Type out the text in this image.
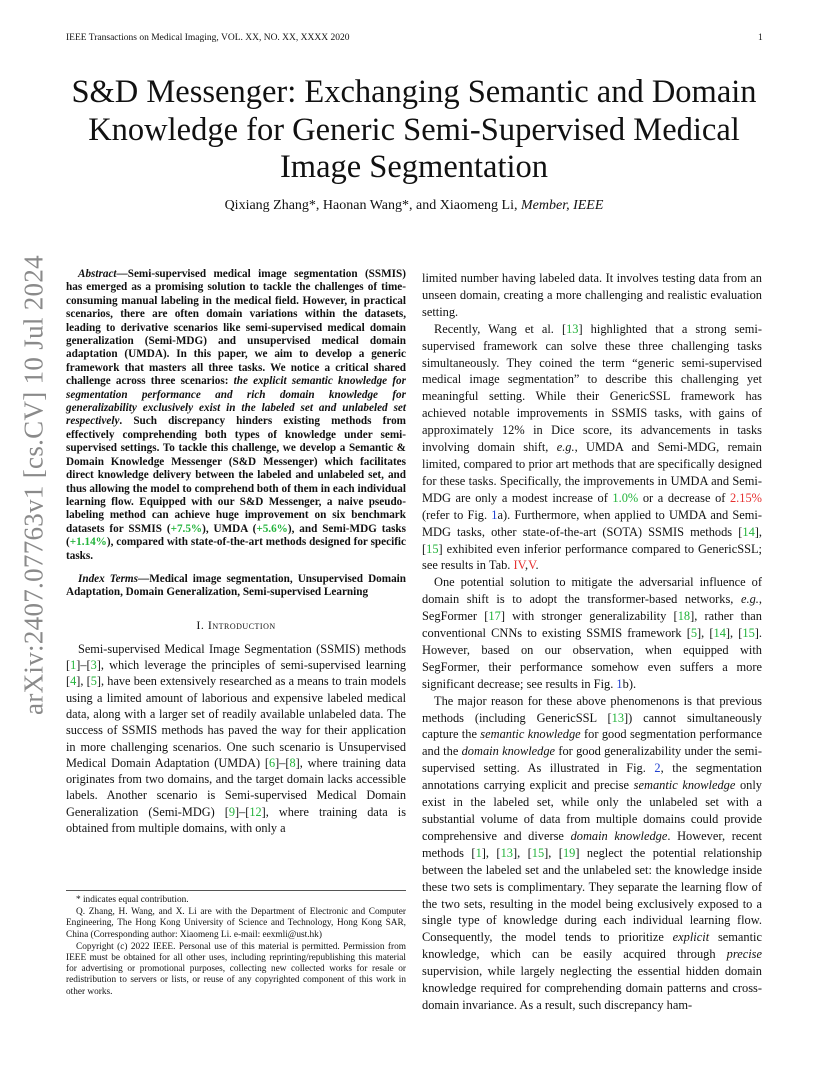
IEEE Transactions on Medical Imaging, VOL. XX, NO. XX, XXXX 2020	1
arXiv:2407.07763v1 [cs.CV] 10 Jul 2024
S&D Messenger: Exchanging Semantic and Domain Knowledge for Generic Semi-Supervised Medical Image Segmentation
Qixiang Zhang*, Haonan Wang*, and Xiaomeng Li, Member, IEEE

Abstract—Semi-supervised medical image segmentation (SSMIS) has emerged as a promising solution to tackle the challenges of time-consuming manual labeling in the medical field. However, in practical scenarios, there are often domain variations within the datasets, leading to derivative scenarios like semi-supervised medical domain generalization (Semi-MDG) and unsupervised medical domain adaptation (UMDA). In this paper, we aim to develop a generic framework that masters all three tasks. We notice a critical shared challenge across three scenarios: the explicit semantic knowledge for segmentation performance and rich domain knowledge for generalizability exclusively exist in the labeled set and unlabeled set respectively. Such discrepancy hinders existing methods from effectively comprehending both types of knowledge under semi-supervised settings. To tackle this challenge, we develop a Semantic & Domain Knowledge Messenger (S&D Messenger) which facilitates direct knowledge delivery between the labeled and unlabeled set, and thus allowing the model to comprehend both of them in each individual learning flow. Equipped with our S&D Messenger, a naive pseudo-labeling method can achieve huge improvement on six benchmark datasets for SSMIS (+7.5%), UMDA (+5.6%), and Semi-MDG tasks (+1.14%), compared with state-of-the-art methods designed for specific tasks.

Index Terms—Medical image segmentation, Unsupervised Domain Adaptation, Domain Generalization, Semi-supervised Learning

I. Introduction

Semi-supervised Medical Image Segmentation (SSMIS) methods [1]–[3], which leverage the principles of semi-supervised learning [4], [5], have been extensively researched as a means to train models using a limited amount of laborious and expensive labeled medical data, along with a larger set of readily available unlabeled data. The success of SSMIS methods has paved the way for their application in more challenging scenarios. One such scenario is Unsupervised Medical Domain Adaptation (UMDA) [6]–[8], where training data originates from two domains, and the target domain lacks accessible labels. Another scenario is Semi-supervised Medical Domain Generalization (Semi-MDG) [9]–[12], where training data is obtained from multiple domains, with only a

* indicates equal contribution.

Q. Zhang, H. Wang, and X. Li are with the Department of Electronic and Computer Engineering, The Hong Kong University of Science and Technology, Hong Kong SAR, China (Corresponding author: Xiaomeng Li. e-mail: eexmli@ust.hk)

Copyright (c) 2022 IEEE. Personal use of this material is permitted. Permission from IEEE must be obtained for all other uses, including reprinting/republishing this material for advertising or promotional purposes, collecting new collected works for resale or redistribution to servers or lists, or reuse of any copyrighted component of this work in other works.

limited number having labeled data. It involves testing data from an unseen domain, creating a more challenging and realistic evaluation setting.

Recently, Wang et al. [13] highlighted that a strong semi-supervised framework can solve these three challenging tasks simultaneously. They coined the term “generic semi-supervised medical image segmentation” to describe this challenging yet meaningful setting. While their GenericSSL framework has achieved notable improvements in SSMIS tasks, with gains of approximately 12% in Dice score, its advancements in tasks involving domain shift, e.g., UMDA and Semi-MDG, remain limited, compared to prior art methods that are specifically designed for these tasks. Specifically, the improvements in UMDA and Semi-MDG are only a modest increase of 1.0% or a decrease of 2.15% (refer to Fig. 1a). Furthermore, when applied to UMDA and Semi-MDG tasks, other state-of-the-art (SOTA) SSMIS methods [14], [15] exhibited even inferior performance compared to GenericSSL; see results in Tab. IV,V.

One potential solution to mitigate the adversarial influence of domain shift is to adopt the transformer-based networks, e.g., SegFormer [17] with stronger generalizability [18], rather than conventional CNNs to existing SSMIS framework [5], [14], [15]. However, based on our observation, when equipped with SegFormer, their performance somehow even suffers a more significant decrease; see results in Fig. 1b).

The major reason for these above phenomenons is that previous methods (including GenericSSL [13]) cannot simultaneously capture the semantic knowledge for good segmentation performance and the domain knowledge for good generalizability under the semi-supervised setting. As illustrated in Fig. 2, the segmentation annotations carrying explicit and precise semantic knowledge only exist in the labeled set, while only the unlabeled set with a substantial volume of data from multiple domains could provide comprehensive and diverse domain knowledge. However, recent methods [1], [13], [15], [19] neglect the potential relationship between the labeled set and the unlabeled set: the knowledge inside these two sets is complimentary. They separate the learning flow of the two sets, resulting in the model being exclusively exposed to a single type of knowledge during each individual learning flow. Consequently, the model tends to prioritize explicit semantic knowledge, which can be easily acquired through precise supervision, while largely neglecting the essential hidden domain knowledge required for comprehending domain patterns and cross-domain invariance. As a result, such discrepancy ham-
